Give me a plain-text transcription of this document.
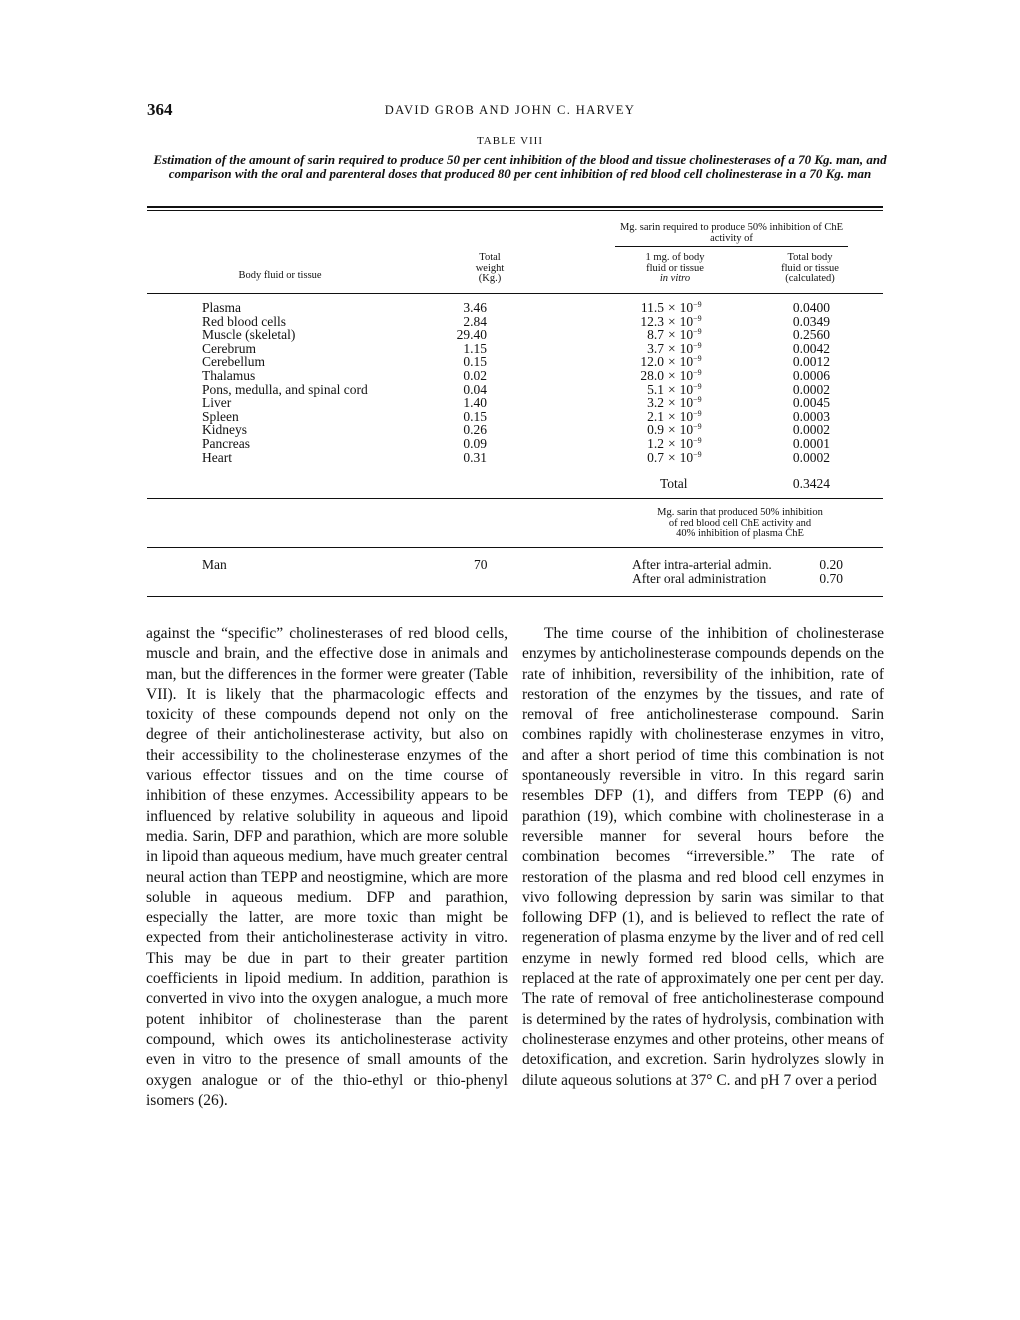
364	DAVID GROB AND JOHN C. HARVEY
TABLE VIII
Estimation of the amount of sarin required to produce 50 per cent inhibition of the blood and tissue cholinesterases of a 70 Kg. man, and comparison with the oral and parenteral doses that produced 80 per cent inhibition of red blood cell cholinesterase in a 70 Kg. man
Mg. sarin required to produce 50% inhibition of ChE activity of
Body fluid or tissue
Total
weight
(Kg.)
1 mg. of body
fluid or tissue
in vitro
Total body
fluid or tissue
(calculated)
Plasma	3.46	$11.5 \times 10^{-9}$	0.0400
Red blood cells	2.84	$12.3 \times 10^{-9}$	0.0349
Muscle (skeletal)	29.40	$8.7 \times 10^{-9}$	0.2560
Cerebrum	1.15	$3.7 \times 10^{-9}$	0.0042
Cerebellum	0.15	$12.0 \times 10^{-9}$	0.0012
Thalamus	0.02	$28.0 \times 10^{-9}$	0.0006
Pons, medulla, and spinal cord	0.04	$5.1 \times 10^{-9}$	0.0002
Liver	1.40	$3.2 \times 10^{-9}$	0.0045
Spleen	0.15	$2.1 \times 10^{-9}$	0.0003
Kidneys	0.26	$0.9 \times 10^{-9}$	0.0002
Pancreas	0.09	$1.2 \times 10^{-9}$	0.0001
Heart	0.31	$0.7 \times 10^{-9}$	0.0002
Total	0.3424
Mg. sarin that produced 50% inhibition
of red blood cell ChE activity and
40% inhibition of plasma ChE
Man	70	After intra-arterial admin.	0.20
After oral administration	0.70

against the “specific” cholinesterases of red blood cells, muscle and brain, and the effective dose in animals and man, but the differences in the former were greater (Table VII). It is likely that the pharmacologic effects and toxicity of these compounds depend not only on the degree of their anticholinesterase activity, but also on their accessibility to the cholinesterase enzymes of the various effector tissues and on the time course of inhibition of these enzymes. Accessibility appears to be influenced by relative solubility in aqueous and lipoid media. Sarin, DFP and parathion, which are more soluble in lipoid than aqueous medium, have much greater central neural action than TEPP and neostigmine, which are more soluble in aqueous medium. DFP and parathion, especially the latter, are more toxic than might be expected from their anticholinesterase activity in vitro. This may be due in part to their greater partition coefficients in lipoid medium. In addition, parathion is converted in vivo into the oxygen analogue, a much more potent inhibitor of cholinesterase than the parent compound, which owes its anticholinesterase activity even in vitro to the presence of small amounts of the oxygen analogue or of the thio-ethyl or thio-phenyl isomers (26).

The time course of the inhibition of cholinesterase enzymes by anticholinesterase compounds depends on the rate of inhibition, reversibility of the inhibition, rate of restoration of the enzymes by the tissues, and rate of removal of free anticholinesterase compound. Sarin combines rapidly with cholinesterase enzymes in vitro, and after a short period of time this combination is not spontaneously reversible in vitro. In this regard sarin resembles DFP (1), and differs from TEPP (6) and parathion (19), which combine with cholinesterase in a reversible manner for several hours before the combination becomes “irreversible.” The rate of restoration of the plasma and red blood cell enzymes in vivo following depression by sarin was similar to that following DFP (1), and is believed to reflect the rate of regeneration of plasma enzyme by the liver and of red cell enzyme in newly formed red blood cells, which are replaced at the rate of approximately one per cent per day. The rate of removal of free anticholinesterase compound is determined by the rates of hydrolysis, combination with cholinesterase enzymes and other proteins, other means of detoxification, and excretion. Sarin hydrolyzes slowly in dilute aqueous solutions at 37° C. and pH 7 over a period
